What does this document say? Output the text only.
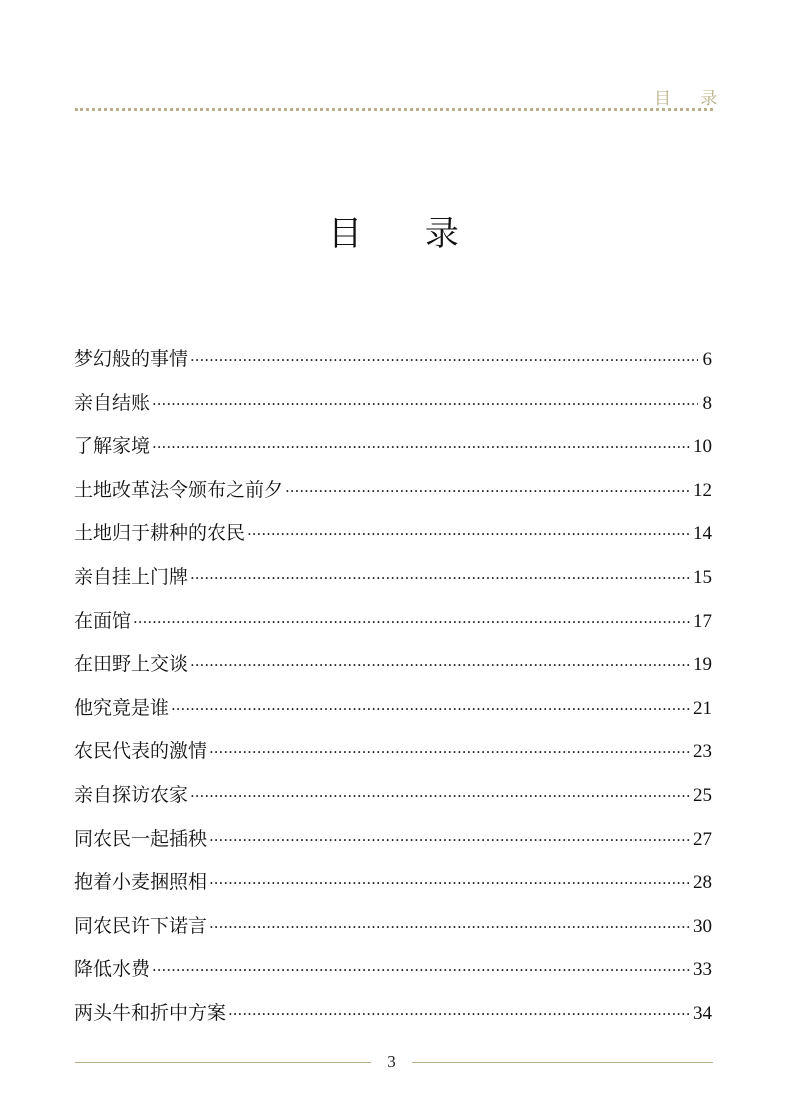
目 录
目 录
梦幻般的事情 ·····	6
亲自结账 ·····	8
了解家境 ·····	10
土地改革法令颁布之前夕 ·····	12
土地归于耕种的农民 ·····	14
亲自挂上门牌 ·····	15
在面馆 ·····	17
在田野上交谈 ·····	19
他究竟是谁 ·····	21
农民代表的激情 ·····	23
亲自探访农家 ·····	25
同农民一起插秧 ·····	27
抱着小麦捆照相 ·····	28
同农民许下诺言 ·····	30
降低水费 ·····	33
两头牛和折中方案 ·····	34
3
